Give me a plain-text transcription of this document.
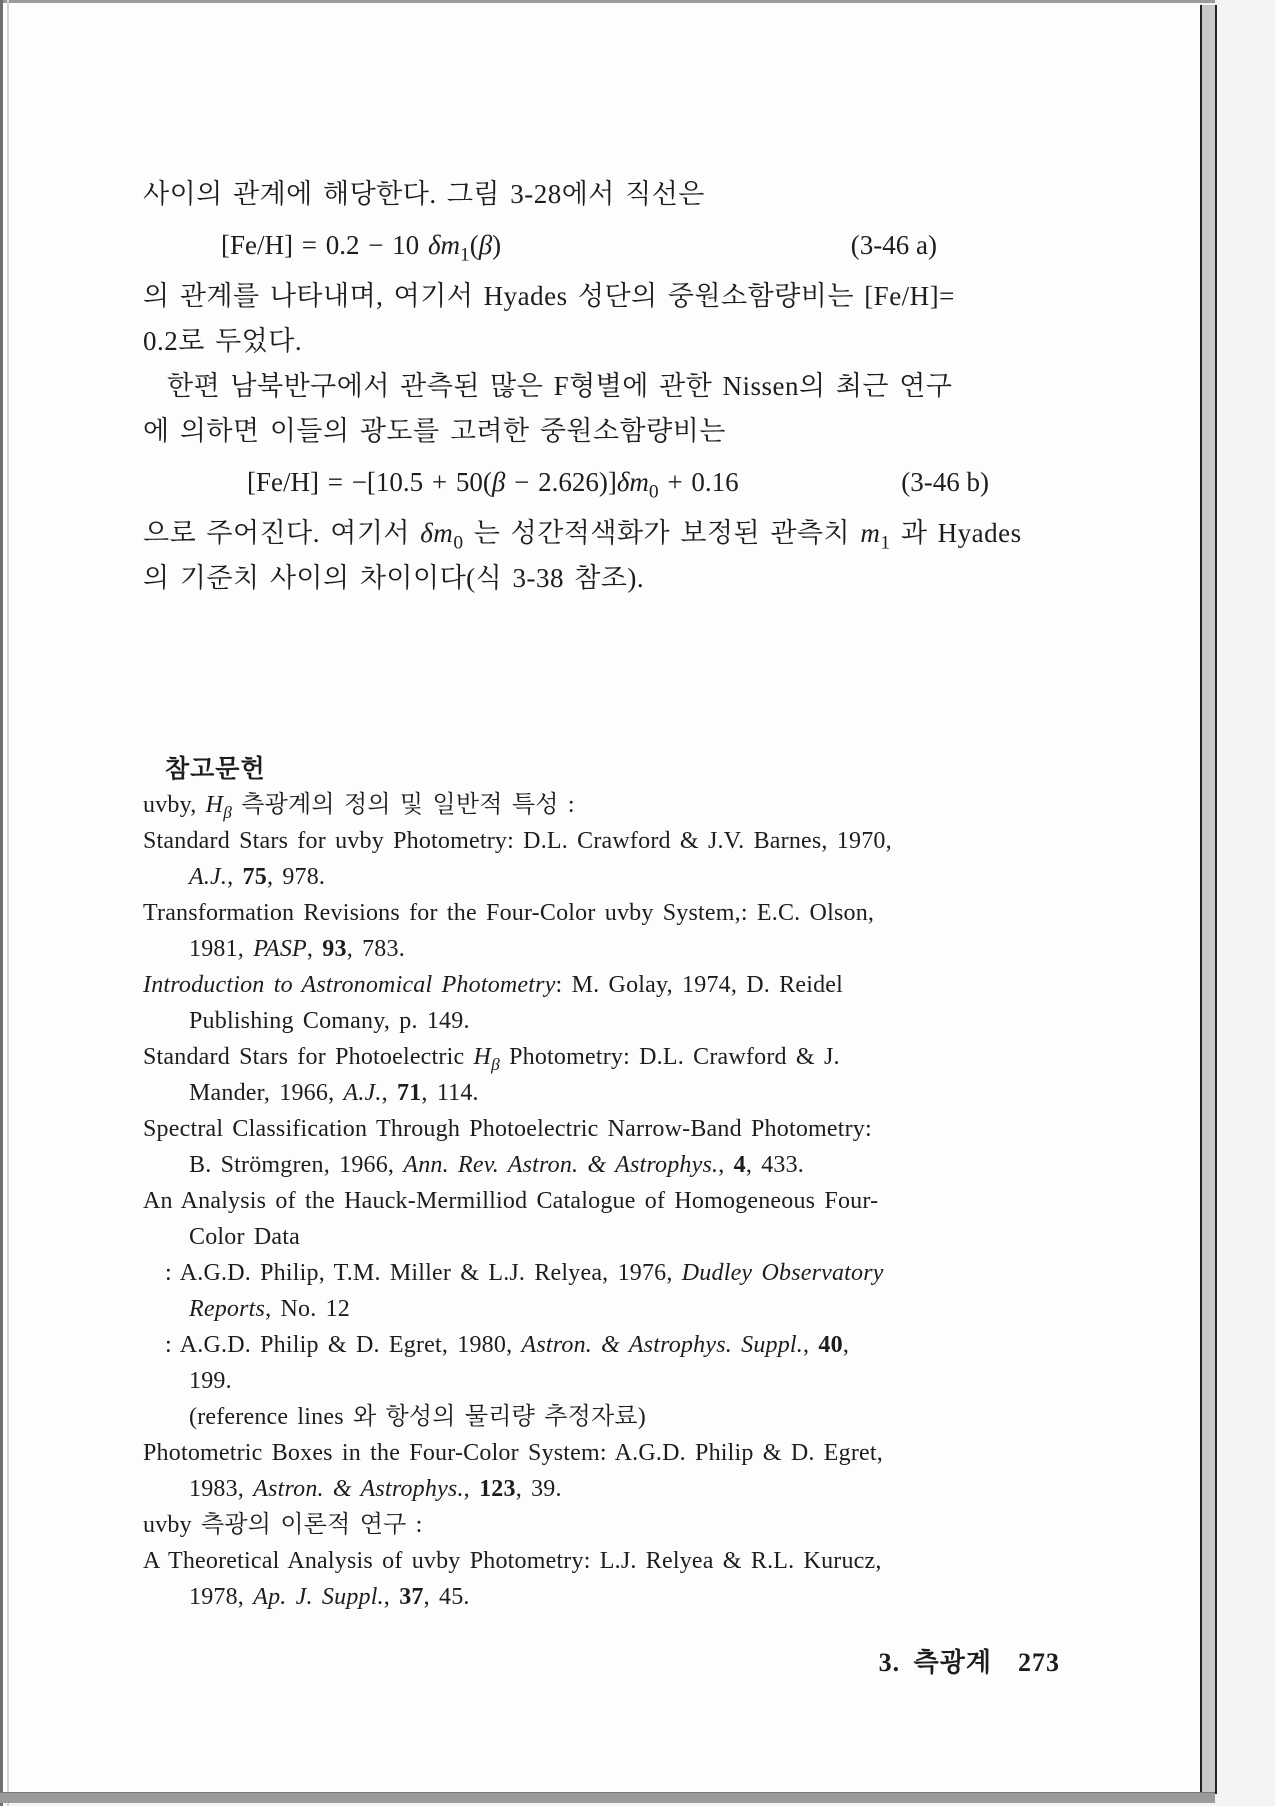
사이의 관계에 해당한다. 그림 3-28에서 직선은
[Fe/H] = 0.2 − 10 $\delta m_1(\beta)$	(3-46 a)
의 관계를 나타내며, 여기서 Hyades 성단의 중원소함량비는 [Fe/H]=
0.2로 두었다.
한편 남북반구에서 관측된 많은 F형별에 관한 Nissen의 최근 연구
에 의하면 이들의 광도를 고려한 중원소함량비는
$[Fe/H] = -[10.5 + 50(\beta - 2.626)]\delta m_0 + 0.16$	(3-46 b)
으로 주어진다. 여기서 $\delta m_0$ 는 성간적색화가 보정된 관측치 $m_1$ 과 Hyades
의 기준치 사이의 차이이다(식 3-38 참조).
참고문헌
uvby, $H_\beta$ 측광계의 정의 및 일반적 특성 :
Standard Stars for uvby Photometry: D.L. Crawford & J.V. Barnes, 1970,
A.J., 75, 978.
Transformation Revisions for the Four-Color uvby System,: E.C. Olson,
1981, PASP, 93, 783.
Introduction to Astronomical Photometry: M. Golay, 1974, D. Reidel
Publishing Comany, p. 149.
Standard Stars for Photoelectric $H_\beta$ Photometry: D.L. Crawford & J.
Mander, 1966, A.J., 71, 114.
Spectral Classification Through Photoelectric Narrow-Band Photometry:
B. Strömgren, 1966, Ann. Rev. Astron. & Astrophys., 4, 433.
An Analysis of the Hauck-Mermilliod Catalogue of Homogeneous Four-
Color Data
: A.G.D. Philip, T.M. Miller & L.J. Relyea, 1976, Dudley Observatory
Reports, No. 12
: A.G.D. Philip & D. Egret, 1980, Astron. & Astrophys. Suppl., 40,
199.
(reference lines 와 항성의 물리량 추정자료)
Photometric Boxes in the Four-Color System: A.G.D. Philip & D. Egret,
1983, Astron. & Astrophys., 123, 39.
uvby 측광의 이론적 연구 :
A Theoretical Analysis of uvby Photometry: L.J. Relyea & R.L. Kurucz,
1978, Ap. J. Suppl., 37, 45.
3. 측광계 273
